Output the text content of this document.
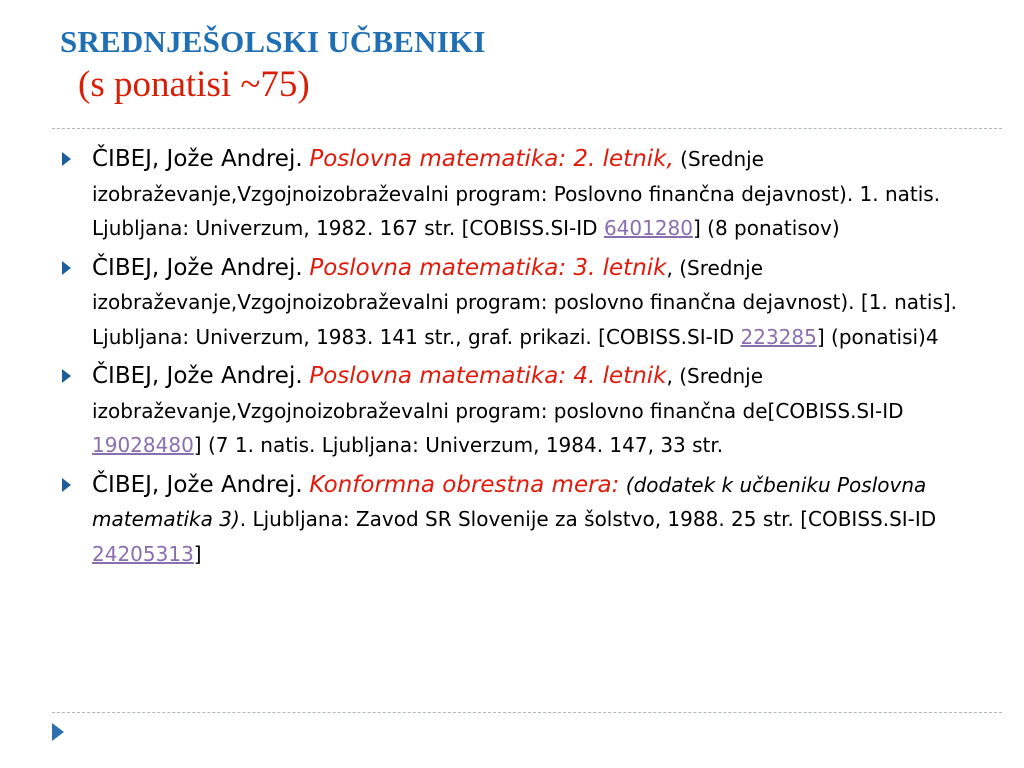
SREDNJEŠOLSKI UČBENIKI
(s ponatisi ~75)
ČIBEJ, Jože Andrej. Poslovna matematika: 2. letnik, (Srednje izobraževanje,Vzgojnoizobraževalni program: Poslovno finančna dejavnost). 1. natis. Ljubljana: Univerzum, 1982. 167 str. [COBISS.SI-ID 6401280] (8 ponatisov)
ČIBEJ, Jože Andrej. Poslovna matematika: 3. letnik, (Srednje izobraževanje,Vzgojnoizobraževalni program: poslovno finančna dejavnost). [1. natis]. Ljubljana: Univerzum, 1983. 141 str., graf. prikazi. [COBISS.SI-ID 223285] (ponatisi)4
ČIBEJ, Jože Andrej. Poslovna matematika: 4. letnik, (Srednje izobraževanje,Vzgojnoizobraževalni program: poslovno finančna de[COBISS.SI-ID 19028480] (7 1. natis. Ljubljana: Univerzum, 1984. 147, 33 str.
ČIBEJ, Jože Andrej. Konformna obrestna mera: (dodatek k učbeniku Poslovna matematika 3). Ljubljana: Zavod SR Slovenije za šolstvo, 1988. 25 str. [COBISS.SI-ID 24205313]
